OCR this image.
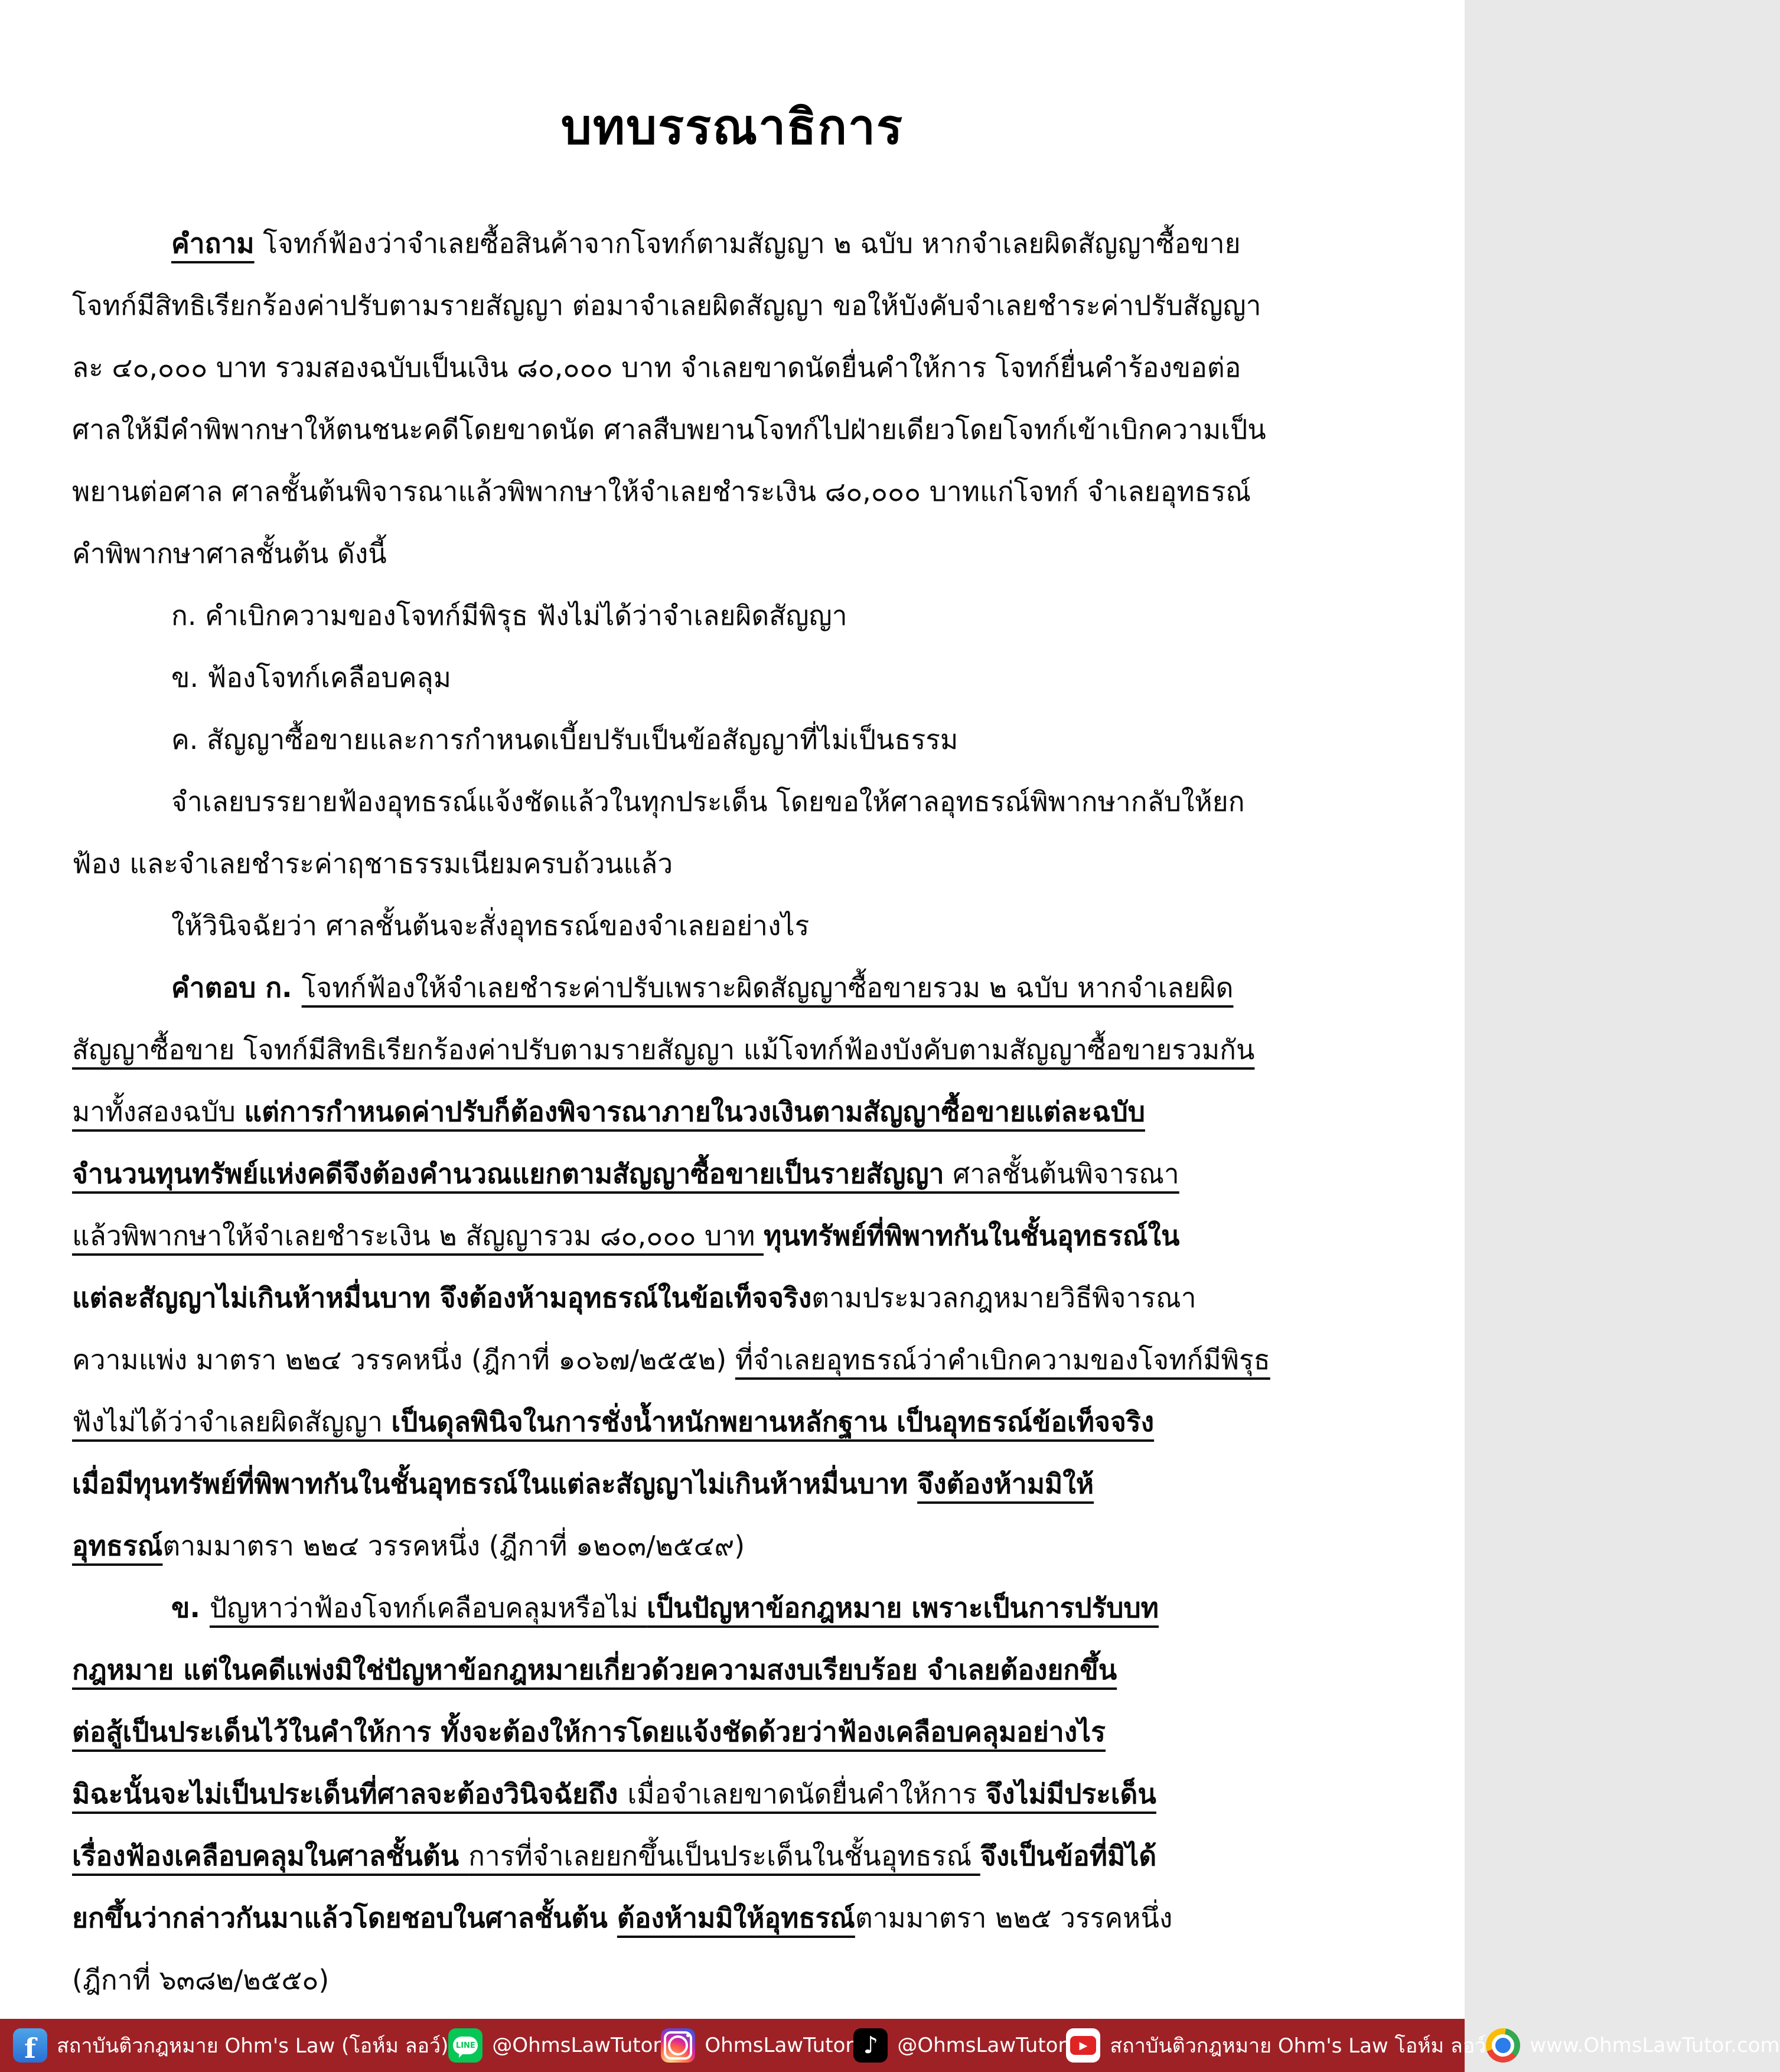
บทบรรณาธิการ
คำถาม โจทก์ฟ้องว่าจำเลยซื้อสินค้าจากโจทก์ตามสัญญา ๒ ฉบับ หากจำเลยผิดสัญญาซื้อขาย
โจทก์มีสิทธิเรียกร้องค่าปรับตามรายสัญญา ต่อมาจำเลยผิดสัญญา ขอให้บังคับจำเลยชำระค่าปรับสัญญา
ละ ๔๐,๐๐๐ บาท รวมสองฉบับเป็นเงิน ๘๐,๐๐๐ บาท จำเลยขาดนัดยื่นคำให้การ โจทก์ยื่นคำร้องขอต่อ
ศาลให้มีคำพิพากษาให้ตนชนะคดีโดยขาดนัด ศาลสืบพยานโจทก์ไปฝ่ายเดียวโดยโจทก์เข้าเบิกความเป็น
พยานต่อศาล ศาลชั้นต้นพิจารณาแล้วพิพากษาให้จำเลยชำระเงิน ๘๐,๐๐๐ บาทแก่โจทก์ จำเลยอุทธรณ์
คำพิพากษาศาลชั้นต้น ดังนี้
ก. คำเบิกความของโจทก์มีพิรุธ ฟังไม่ได้ว่าจำเลยผิดสัญญา
ข. ฟ้องโจทก์เคลือบคลุม
ค. สัญญาซื้อขายและการกำหนดเบี้ยปรับเป็นข้อสัญญาที่ไม่เป็นธรรม
จำเลยบรรยายฟ้องอุทธรณ์แจ้งชัดแล้วในทุกประเด็น โดยขอให้ศาลอุทธรณ์พิพากษากลับให้ยก
ฟ้อง และจำเลยชำระค่าฤชาธรรมเนียมครบถ้วนแล้ว
ให้วินิจฉัยว่า ศาลชั้นต้นจะสั่งอุทธรณ์ของจำเลยอย่างไร
คำตอบ ก. โจทก์ฟ้องให้จำเลยชำระค่าปรับเพราะผิดสัญญาซื้อขายรวม ๒ ฉบับ หากจำเลยผิด
สัญญาซื้อขาย โจทก์มีสิทธิเรียกร้องค่าปรับตามรายสัญญา แม้โจทก์ฟ้องบังคับตามสัญญาซื้อขายรวมกัน
มาทั้งสองฉบับ แต่การกำหนดค่าปรับก็ต้องพิจารณาภายในวงเงินตามสัญญาซื้อขายแต่ละฉบับ
จำนวนทุนทรัพย์แห่งคดีจึงต้องคำนวณแยกตามสัญญาซื้อขายเป็นรายสัญญา ศาลชั้นต้นพิจารณา
แล้วพิพากษาให้จำเลยชำระเงิน ๒ สัญญารวม ๘๐,๐๐๐ บาท ทุนทรัพย์ที่พิพาทกันในชั้นอุทธรณ์ใน
แต่ละสัญญาไม่เกินห้าหมื่นบาท จึงต้องห้ามอุทธรณ์ในข้อเท็จจริงตามประมวลกฎหมายวิธีพิจารณา
ความแพ่ง มาตรา ๒๒๔ วรรคหนึ่ง (ฎีกาที่ ๑๐๖๗/๒๕๕๒) ที่จำเลยอุทธรณ์ว่าคำเบิกความของโจทก์มีพิรุธ
ฟังไม่ได้ว่าจำเลยผิดสัญญา เป็นดุลพินิจในการชั่งน้ำหนักพยานหลักฐาน เป็นอุทธรณ์ข้อเท็จจริง
เมื่อมีทุนทรัพย์ที่พิพาทกันในชั้นอุทธรณ์ในแต่ละสัญญาไม่เกินห้าหมื่นบาท จึงต้องห้ามมิให้
อุทธรณ์ตามมาตรา ๒๒๔ วรรคหนึ่ง (ฎีกาที่ ๑๒๐๓/๒๕๔๙)
ข. ปัญหาว่าฟ้องโจทก์เคลือบคลุมหรือไม่ เป็นปัญหาข้อกฎหมาย เพราะเป็นการปรับบท
กฎหมาย แต่ในคดีแพ่งมิใช่ปัญหาข้อกฎหมายเกี่ยวด้วยความสงบเรียบร้อย จำเลยต้องยกขึ้น
ต่อสู้เป็นประเด็นไว้ในคำให้การ ทั้งจะต้องให้การโดยแจ้งชัดด้วยว่าฟ้องเคลือบคลุมอย่างไร
มิฉะนั้นจะไม่เป็นประเด็นที่ศาลจะต้องวินิจฉัยถึง เมื่อจำเลยขาดนัดยื่นคำให้การ จึงไม่มีประเด็น
เรื่องฟ้องเคลือบคลุมในศาลชั้นต้น การที่จำเลยยกขึ้นเป็นประเด็นในชั้นอุทธรณ์ จึงเป็นข้อที่มิได้
ยกขึ้นว่ากล่าวกันมาแล้วโดยชอบในศาลชั้นต้น ต้องห้ามมิให้อุทธรณ์ตามมาตรา ๒๒๕ วรรคหนึ่ง
(ฎีกาที่ ๖๓๘๒/๒๕๕๐)
f สถาบันติวกฎหมาย Ohm's Law (โอห์ม ลอว์) LINE @OhmsLawTutor OhmsLawTutor ♪ @OhmsLawTutor	▶	สถาบันติวกฎหมาย Ohm's Law โอห์ม ลอว์ www.OhmsLawTutor.com
